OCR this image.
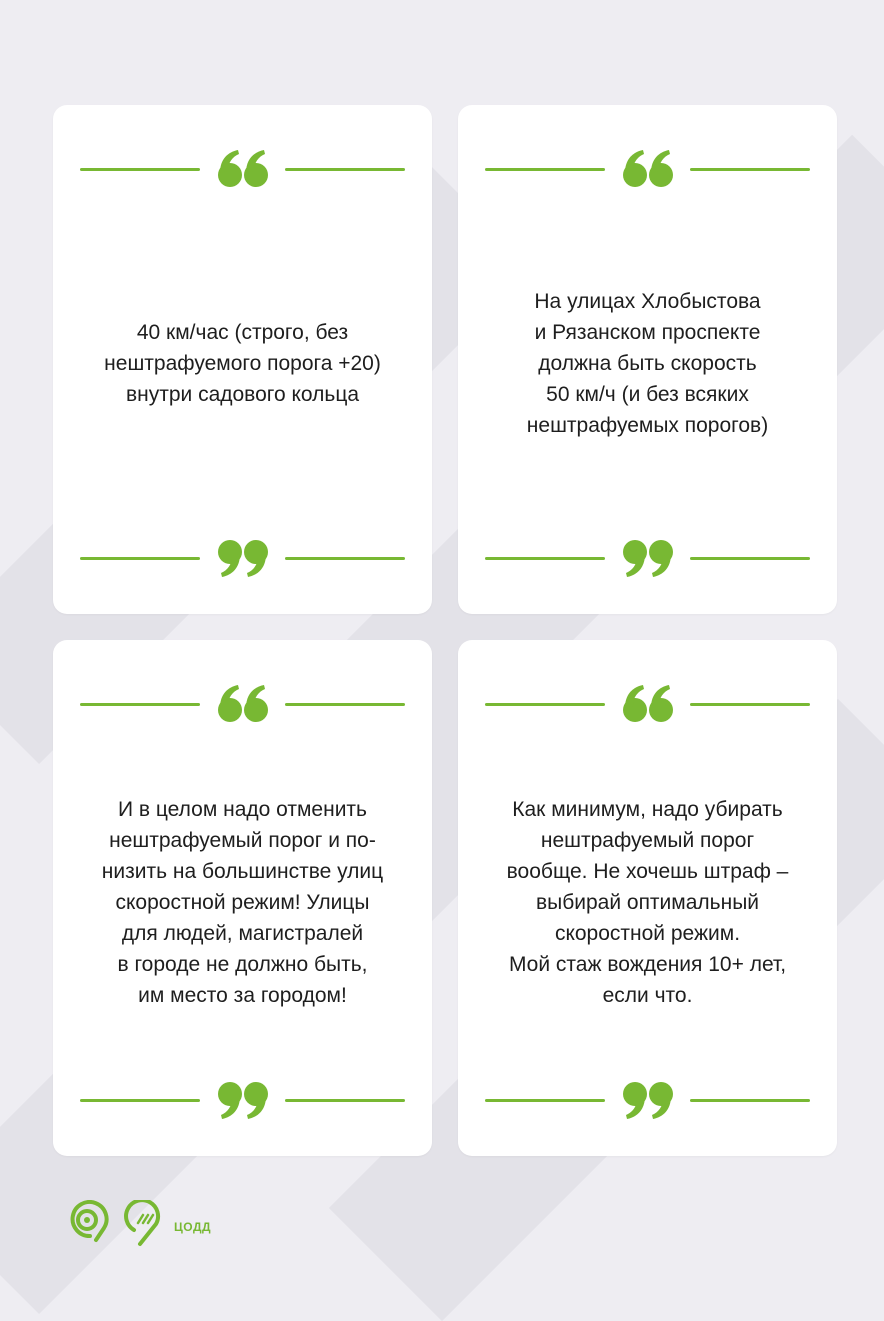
40 км/час (строго, без
нештрафуемого порога +20)
внутри садового кольца
На улицах Хлобыстова
и Рязанском проспекте
должна быть скорость
50 км/ч (и без всяких
нештрафуемых порогов)
И в целом надо отменить
нештрафуемый порог и по-
низить на большинстве улиц
скоростной режим! Улицы
для людей, магистралей
в городе не должно быть,
им место за городом!
Как минимум, надо убирать
нештрафуемый порог
вообще. Не хочешь штраф –
выбирай оптимальный
скоростной режим.
Мой стаж вождения 10+ лет,
если что.
ЦОДД
